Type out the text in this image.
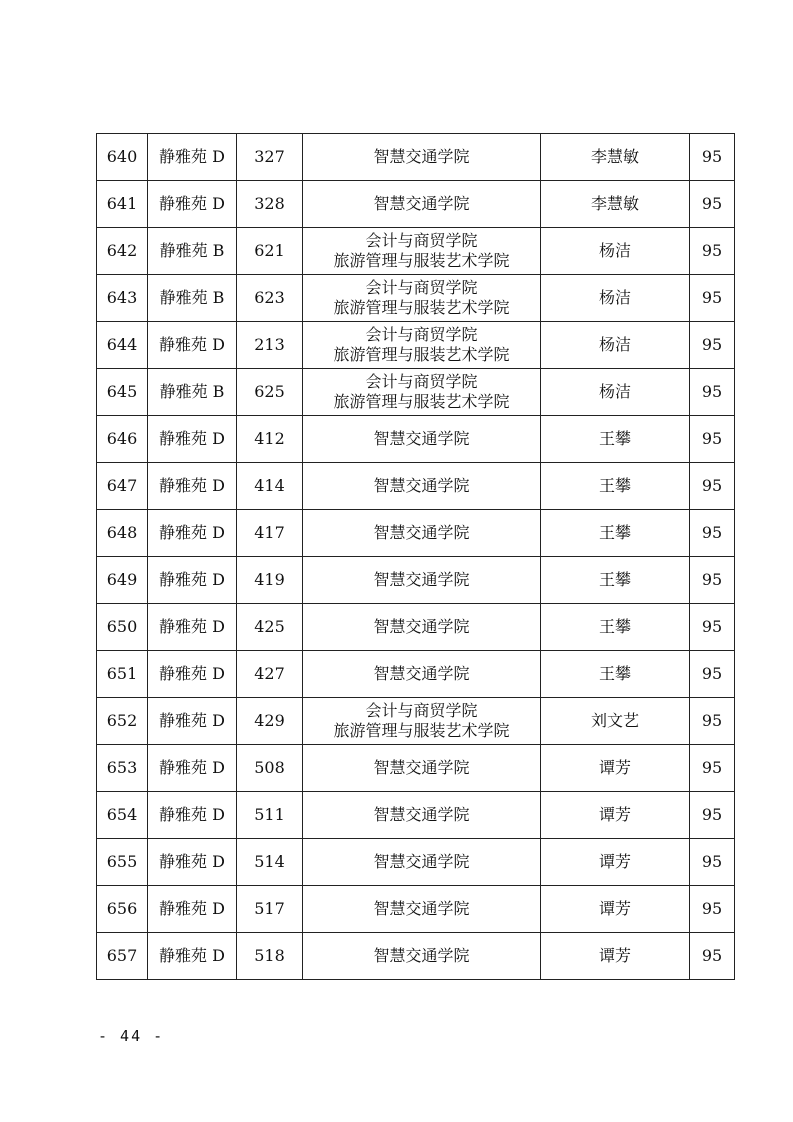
640	静雅苑 D	327	智慧交通学院	李慧敏	95
641	静雅苑 D	328	智慧交通学院	李慧敏	95
642	静雅苑 B	621	会计与商贸学院
旅游管理与服装艺术学院	杨洁	95
643	静雅苑 B	623	会计与商贸学院
旅游管理与服装艺术学院	杨洁	95
644	静雅苑 D	213	会计与商贸学院
旅游管理与服装艺术学院	杨洁	95
645	静雅苑 B	625	会计与商贸学院
旅游管理与服装艺术学院	杨洁	95
646	静雅苑 D	412	智慧交通学院	王攀	95
647	静雅苑 D	414	智慧交通学院	王攀	95
648	静雅苑 D	417	智慧交通学院	王攀	95
649	静雅苑 D	419	智慧交通学院	王攀	95
650	静雅苑 D	425	智慧交通学院	王攀	95
651	静雅苑 D	427	智慧交通学院	王攀	95
652	静雅苑 D	429	会计与商贸学院
旅游管理与服装艺术学院	刘文艺	95
653	静雅苑 D	508	智慧交通学院	谭芳	95
654	静雅苑 D	511	智慧交通学院	谭芳	95
655	静雅苑 D	514	智慧交通学院	谭芳	95
656	静雅苑 D	517	智慧交通学院	谭芳	95
657	静雅苑 D	518	智慧交通学院	谭芳	95
- 44 -
